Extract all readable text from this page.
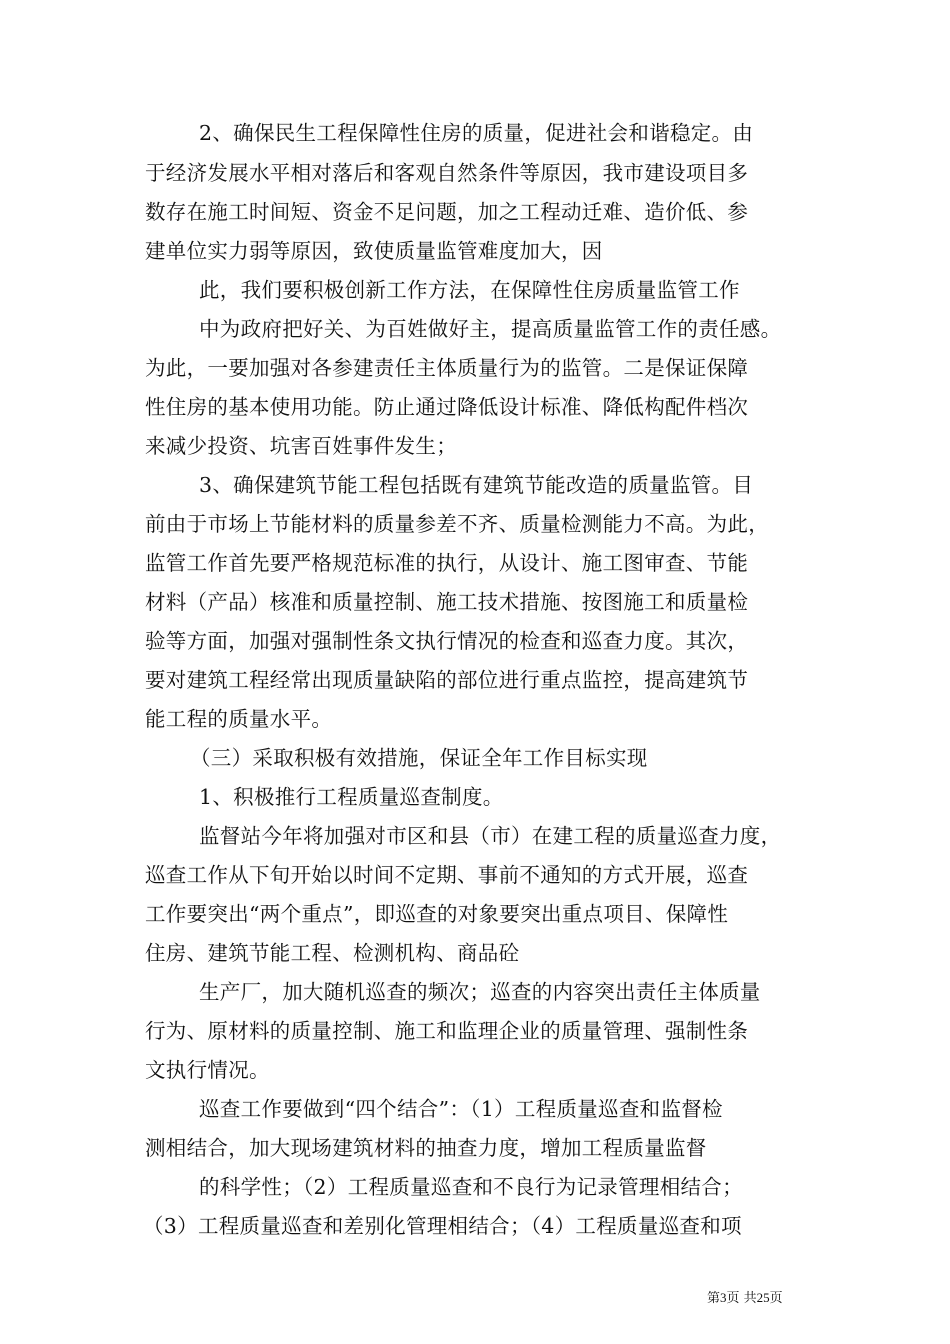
2、确保民生工程保障性住房的质量，促进社会和谐稳定。由
于经济发展水平相对落后和客观自然条件等原因，我市建设项目多
数存在施工时间短、资金不足问题，加之工程动迁难、造价低、参
建单位实力弱等原因，致使质量监管难度加大，因
此，我们要积极创新工作方法，在保障性住房质量监管工作
中为政府把好关、为百姓做好主，提高质量监管工作的责任感。
为此，一要加强对各参建责任主体质量行为的监管。二是保证保障
性住房的基本使用功能。防止通过降低设计标准、降低构配件档次
来减少投资、坑害百姓事件发生；
3、确保建筑节能工程包括既有建筑节能改造的质量监管。目
前由于市场上节能材料的质量参差不齐、质量检测能力不高。为此，
监管工作首先要严格规范标准的执行，从设计、施工图审查、节能
材料（产品）核准和质量控制、施工技术措施、按图施工和质量检
验等方面，加强对强制性条文执行情况的检查和巡查力度。其次，
要对建筑工程经常出现质量缺陷的部位进行重点监控，提高建筑节
能工程的质量水平。
（三）采取积极有效措施，保证全年工作目标实现
1、积极推行工程质量巡查制度。
监督站今年将加强对市区和县（市）在建工程的质量巡查力度，
巡查工作从下旬开始以时间不定期、事前不通知的方式开展，巡查
工作要突出“两个重点”，即巡查的对象要突出重点项目、保障性
住房、建筑节能工程、检测机构、商品砼
生产厂，加大随机巡查的频次；巡查的内容突出责任主体质量
行为、原材料的质量控制、施工和监理企业的质量管理、强制性条
文执行情况。
巡查工作要做到“四个结合”：（1）工程质量巡查和监督检
测相结合，加大现场建筑材料的抽查力度，增加工程质量监督
的科学性；（2）工程质量巡查和不良行为记录管理相结合；
（3）工程质量巡查和差别化管理相结合；（4）工程质量巡查和项
第3页 共25页
